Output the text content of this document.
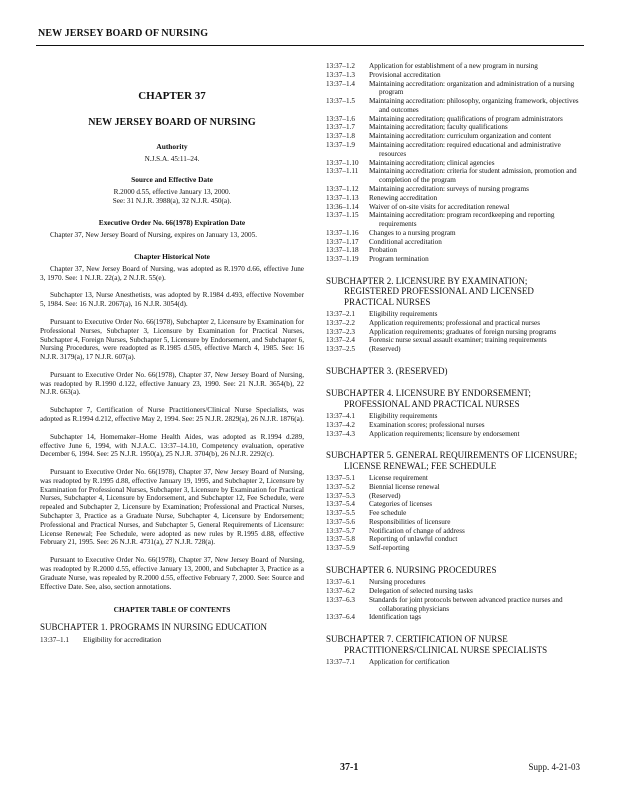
NEW JERSEY BOARD OF NURSING
CHAPTER 37
NEW JERSEY BOARD OF NURSING
Authority
N.J.S.A. 45:11–24.
Source and Effective Date
R.2000 d.55, effective January 13, 2000.
See: 31 N.J.R. 3988(a), 32 N.J.R. 450(a).
Executive Order No. 66(1978) Expiration Date

Chapter 37, New Jersey Board of Nursing, expires on January 13, 2005.

Chapter Historical Note

Chapter 37, New Jersey Board of Nursing, was adopted as R.1970 d.66, effective June 3, 1970. See: 1 N.J.R. 22(a), 2 N.J.R. 55(e).

Subchapter 13, Nurse Anesthetists, was adopted by R.1984 d.493, effective November 5, 1984. See: 16 N.J.R. 2067(a), 16 N.J.R. 3054(d).

Pursuant to Executive Order No. 66(1978), Subchapter 2, Licensure by Examination for Professional Nurses, Subchapter 3, Licensure by Examination for Practical Nurses, Subchapter 4, Foreign Nurses, Subchapter 5, Licensure by Endorsement, and Subchapter 6, Nursing Procedures, were readopted as R.1985 d.505, effective March 4, 1985. See: 16 N.J.R. 3179(a), 17 N.J.R. 607(a).

Pursuant to Executive Order No. 66(1978), Chapter 37, New Jersey Board of Nursing, was readopted by R.1990 d.122, effective January 23, 1990. See: 21 N.J.R. 3654(b), 22 N.J.R. 663(a).

Subchapter 7, Certification of Nurse Practitioners/Clinical Nurse Specialists, was adopted as R.1994 d.212, effective May 2, 1994. See: 25 N.J.R. 2829(a), 26 N.J.R. 1876(a).

Subchapter 14, Homemaker–Home Health Aides, was adopted as R.1994 d.289, effective June 6, 1994, with N.J.A.C. 13:37–14.10, Competency evaluation, operative December 6, 1994. See: 25 N.J.R. 1950(a), 25 N.J.R. 3704(b), 26 N.J.R. 2292(c).

Pursuant to Executive Order No. 66(1978), Chapter 37, New Jersey Board of Nursing, was readopted by R.1995 d.88, effective January 19, 1995, and Subchapter 2, Licensure by Examination for Professional Nurses, Subchapter 3, Licensure by Examination for Practical Nurses, Subchapter 4, Licensure by Endorsement, and Subchapter 12, Fee Schedule, were repealed and Subchapter 2, Licensure by Examination; Professional and Practical Nurses, Subchapter 3, Practice as a Graduate Nurse, Subchapter 4, Licensure by Endorsement; Professional and Practical Nurses, and Subchapter 5, General Requirements of Licensure: License Renewal; Fee Schedule, were adopted as new rules by R.1995 d.88, effective February 21, 1995. See: 26 N.J.R. 4731(a), 27 N.J.R. 728(a).

Pursuant to Executive Order No. 66(1978), Chapter 37, New Jersey Board of Nursing, was readopted by R.2000 d.55, effective January 13, 2000, and Subchapter 3, Practice as a Graduate Nurse, was repealed by R.2000 d.55, effective February 7, 2000. See: Source and Effective Date. See, also, section annotations.

CHAPTER TABLE OF CONTENTS
SUBCHAPTER 1. PROGRAMS IN NURSING EDUCATION
13:37–1.1	Eligibility for accreditation
13:37–1.2	Application for establishment of a new program in nursing
13:37–1.3	Provisional accreditation
13:37–1.4	Maintaining accreditation: organization and administration of a nursing program
13:37–1.5	Maintaining accreditation: philosophy, organizing framework, objectives and outcomes
13:37–1.6	Maintaining accreditation; qualifications of program administrators
13:37–1.7	Maintaining accreditation; faculty qualifications
13:37–1.8	Maintaining accreditation: curriculum organization and content
13:37–1.9	Maintaining accreditation: required educational and administrative resources
13:37–1.10	Maintaining accreditation; clinical agencies
13:37–1.11	Maintaining accreditation: criteria for student admission, promotion and completion of the program
13:37–1.12	Maintaining accreditation: surveys of nursing programs
13:37–1.13	Renewing accreditation
13:36–1.14	Waiver of on-site visits for accreditation renewal
13:37–1.15	Maintaining accreditation: program recordkeeping and reporting requirements
13:37–1.16	Changes to a nursing program
13:37–1.17	Conditional accreditation
13:37–1.18	Probation
13:37–1.19	Program termination
SUBCHAPTER 2. LICENSURE BY EXAMINATION; REGISTERED PROFESSIONAL AND LICENSED PRACTICAL NURSES
13:37–2.1	Eligibility requirements
13:37–2.2	Application requirements; professional and practical nurses
13:37–2.3	Application requirements; graduates of foreign nursing programs
13:37–2.4	Forensic nurse sexual assault examiner; training requirements
13:37–2.5	(Reserved)
SUBCHAPTER 3. (RESERVED)
SUBCHAPTER 4. LICENSURE BY ENDORSEMENT; PROFESSIONAL AND PRACTICAL NURSES
13:37–4.1	Eligibility requirements
13:37–4.2	Examination scores; professional nurses
13:37–4.3	Application requirements; licensure by endorsement
SUBCHAPTER 5. GENERAL REQUIREMENTS OF LICENSURE; LICENSE RENEWAL; FEE SCHEDULE
13:37–5.1	License requirement
13:37–5.2	Biennial license renewal
13:37–5.3	(Reserved)
13:37–5.4	Categories of licenses
13:37–5.5	Fee schedule
13:37–5.6	Responsibilities of licensure
13:37–5.7	Notification of change of address
13:37–5.8	Reporting of unlawful conduct
13:37–5.9	Self-reporting
SUBCHAPTER 6. NURSING PROCEDURES
13:37–6.1	Nursing procedures
13:37–6.2	Delegation of selected nursing tasks
13:37–6.3	Standards for joint protocols between advanced practice nurses and collaborating physicians
13:37–6.4	Identification tags
SUBCHAPTER 7. CERTIFICATION OF NURSE PRACTITIONERS/CLINICAL NURSE SPECIALISTS
13:37–7.1	Application for certification
37-1	Supp. 4-21-03
